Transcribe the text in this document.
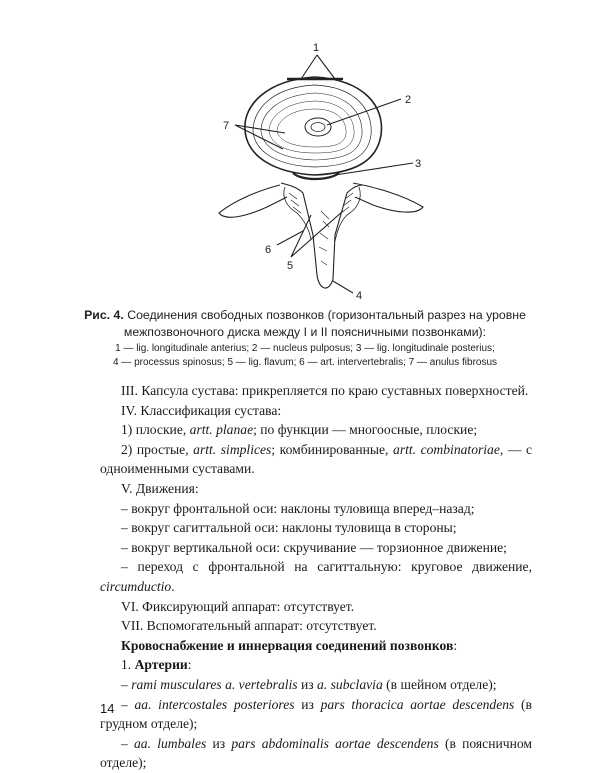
1
2
3
4
5
6
7
Рис. 4. Соединения свободных позвонков (горизонтальный разрез на уровне
межпозвоночного диска между I и II поясничными позвонками):
1 — lig. longitudinale anterius; 2 — nucleus pulposus; 3 — lig. longitudinale posterius;
4 — processus spinosus; 5 — lig. flavum; 6 — art. intervertebralis; 7 — anulus fibrosus

III. Капсула сустава: прикрепляется по краю суставных поверхностей.

IV. Классификация сустава:

1) плоские, artt. planae; по функции — многоосные, плоские;

2) простые, artt. simplices; комбинированные, artt. combinatoriae, — с одноименными суставами.

V. Движения:

– вокруг фронтальной оси: наклоны туловища вперед–назад;

– вокруг сагиттальной оси: наклоны туловища в стороны;

– вокруг вертикальной оси: скручивание — торзионное движение;

– переход с фронтальной на сагиттальную: круговое движение, circumductio.

VI. Фиксирующий аппарат: отсутствует.

VII. Вспомогательный аппарат: отсутствует.

Кровоснабжение и иннервация соединений позвонков:

1. Артерии:

– rami musculares a. vertebralis из a. subclavia (в шейном отделе);

– aa. intercostales posteriores из pars thoracica aortae descendens (в грудном отделе);

– aa. lumbales из pars abdominalis aortae descendens (в поясничном отделе);

14
